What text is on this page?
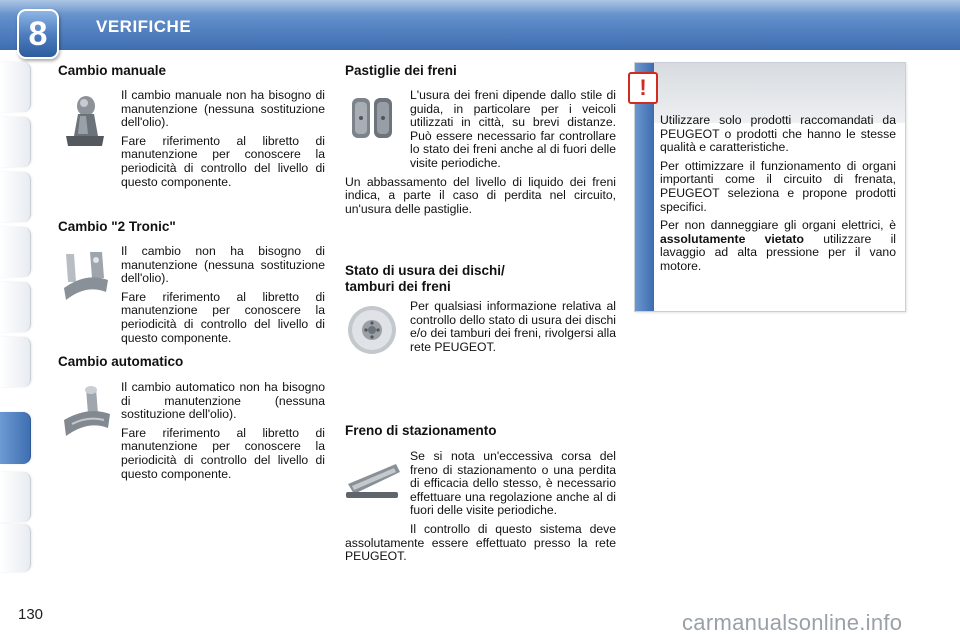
8	VERIFICHE
Cambio manuale

Il cambio manuale non ha bisogno di manutenzione (nessuna sostituzione dell'olio).

Fare riferimento al libretto di manutenzione per conoscere la periodicità di controllo del livello di questo componente.

Cambio "2 Tronic"

Il cambio non ha bisogno di manutenzione (nessuna sostituzione dell'olio).

Fare riferimento al libretto di manutenzione per conoscere la periodicità di controllo del livello di questo componente.

Cambio automatico

Il cambio automatico non ha bisogno di manutenzione (nessuna sostituzione dell'olio).

Fare riferimento al libretto di manutenzione per conoscere la periodicità di controllo del livello di questo componente.

Pastiglie dei freni

L'usura dei freni dipende dallo stile di guida, in particolare per i veicoli utilizzati in città, su brevi distanze. Può essere necessario far controllare lo stato dei freni anche al di fuori delle visite periodiche.

Un abbassamento del livello di liquido dei freni indica, a parte il caso di perdita nel circuito, un'usura delle pastiglie.

Stato di usura dei dischi/
tamburi dei freni

Per qualsiasi informazione relativa al controllo dello stato di usura dei dischi e/o dei tamburi dei freni, rivolgersi alla rete PEUGEOT.

Freno di stazionamento

Se si nota un'eccessiva corsa del freno di stazionamento o una perdita di efficacia dello stesso, è necessario effettuare una regolazione anche al di fuori delle visite periodiche.

Il controllo di questo sistema deve assolutamente essere effettuato presso la rete PEUGEOT.

!

Utilizzare solo prodotti raccomandati da PEUGEOT o prodotti che hanno le stesse qualità e caratteristiche.

Per ottimizzare il funzionamento di organi importanti come il circuito di frenata, PEUGEOT seleziona e propone prodotti specifici.

Per non danneggiare gli organi elettrici, è assolutamente vietato utilizzare il lavaggio ad alta pressione per il vano motore.

130	carmanualsonline.info
